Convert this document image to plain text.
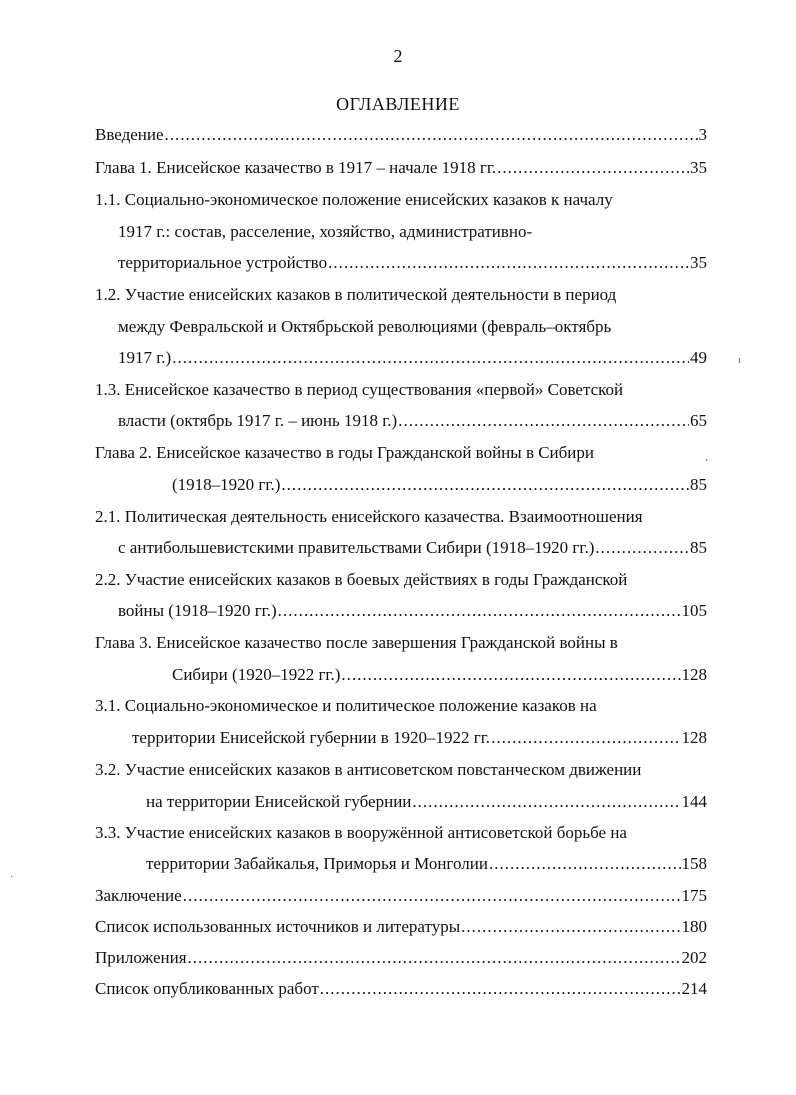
2
ОГЛАВЛЕНИЕ
Введение .....	3
Глава 1. Енисейское казачество в 1917 – начале 1918 гг. .....	35
1.1. Социально-экономическое положение енисейских казаков к началу
1917 г.: состав, расселение, хозяйство, административно-
территориальное устройство .....	35
1.2. Участие енисейских казаков в политической деятельности в период
между Февральской и Октябрьской революциями (февраль–октябрь
1917 г.) .....	49
1.3. Енисейское казачество в период существования «первой» Советской
власти (октябрь 1917 г. – июнь 1918 г.) .....	65
Глава 2. Енисейское казачество в годы Гражданской войны в Сибири
(1918–1920 гг.) .....	85
2.1. Политическая деятельность енисейского казачества. Взаимоотношения
с антибольшевистскими правительствами Сибири (1918–1920 гг.) .....	85
2.2. Участие енисейских казаков в боевых действиях в годы Гражданской
войны (1918–1920 гг.) .....	105
Глава 3. Енисейское казачество после завершения Гражданской войны в
Сибири (1920–1922 гг.) .....	128
3.1. Социально-экономическое и политическое положение казаков на
территории Енисейской губернии в 1920–1922 гг. .....	128
3.2. Участие енисейских казаков в антисоветском повстанческом движении
на территории Енисейской губернии .....	144
3.3. Участие енисейских казаков в вооружённой антисоветской борьбе на
территории Забайкалья, Приморья и Монголии .....	158
Заключение .....	175
Список использованных источников и литературы .....	180
Приложения .....	202
Список опубликованных работ .....	214
ı
‚
·
